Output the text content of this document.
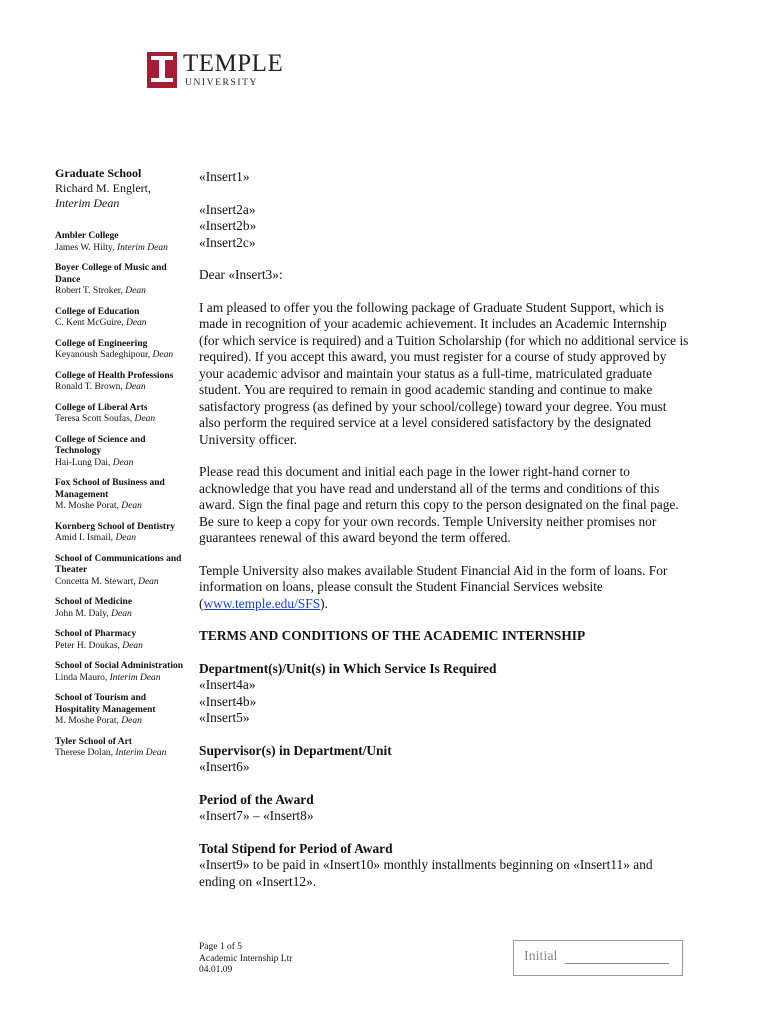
TEMPLE
UNIVERSITY
Graduate School
Richard M. Englert,
Interim Dean
Ambler College
James W. Hilty, Interim Dean
Boyer College of Music and Dance
Robert T. Stroker, Dean
College of Education
C. Kent McGuire, Dean
College of Engineering
Keyanoush Sadeghipour, Dean
College of Health Professions
Ronald T. Brown, Dean
College of Liberal Arts
Teresa Scott Soufas, Dean
College of Science and Technology
Hai-Lung Dai, Dean
Fox School of Business and Management
M. Moshe Porat, Dean
Kornberg School of Dentistry
Amid I. Ismail, Dean
School of Communications and Theater
Concetta M. Stewart, Dean
School of Medicine
John M. Daly, Dean
School of Pharmacy
Peter H. Doukas, Dean
School of Social Administration
Linda Mauro, Interim Dean
School of Tourism and Hospitality Management
M. Moshe Porat, Dean
Tyler School of Art
Therese Dolan, Interim Dean

«Insert1»

«Insert2a»

«Insert2b»

«Insert2c»

Dear «Insert3»:

I am pleased to offer you the following package of Graduate Student Support, which is made in recognition of your academic achievement. It includes an Academic Internship (for which service is required) and a Tuition Scholarship (for which no additional service is required). If you accept this award, you must register for a course of study approved by your academic advisor and maintain your status as a full-time, matriculated graduate student. You are required to remain in good academic standing and continue to make satisfactory progress (as defined by your school/college) toward your degree. You must also perform the required service at a level considered satisfactory by the designated University officer.

Please read this document and initial each page in the lower right-hand corner to acknowledge that you have read and understand all of the terms and conditions of this award. Sign the final page and return this copy to the person designated on the final page. Be sure to keep a copy for your own records. Temple University neither promises nor guarantees renewal of this award beyond the term offered.

Temple University also makes available Student Financial Aid in the form of loans. For information on loans, please consult the Student Financial Services website (www.temple.edu/SFS).

TERMS AND CONDITIONS OF THE ACADEMIC INTERNSHIP

Department(s)/Unit(s) in Which Service Is Required

«Insert4a»

«Insert4b»

«Insert5»

Supervisor(s) in Department/Unit

«Insert6»

Period of the Award

«Insert7» – «Insert8»

Total Stipend for Period of Award

«Insert9» to be paid in «Insert10» monthly installments beginning on «Insert11» and ending on «Insert12».

Page 1 of 5
Academic Internship Ltr
04.01.09
Initial
